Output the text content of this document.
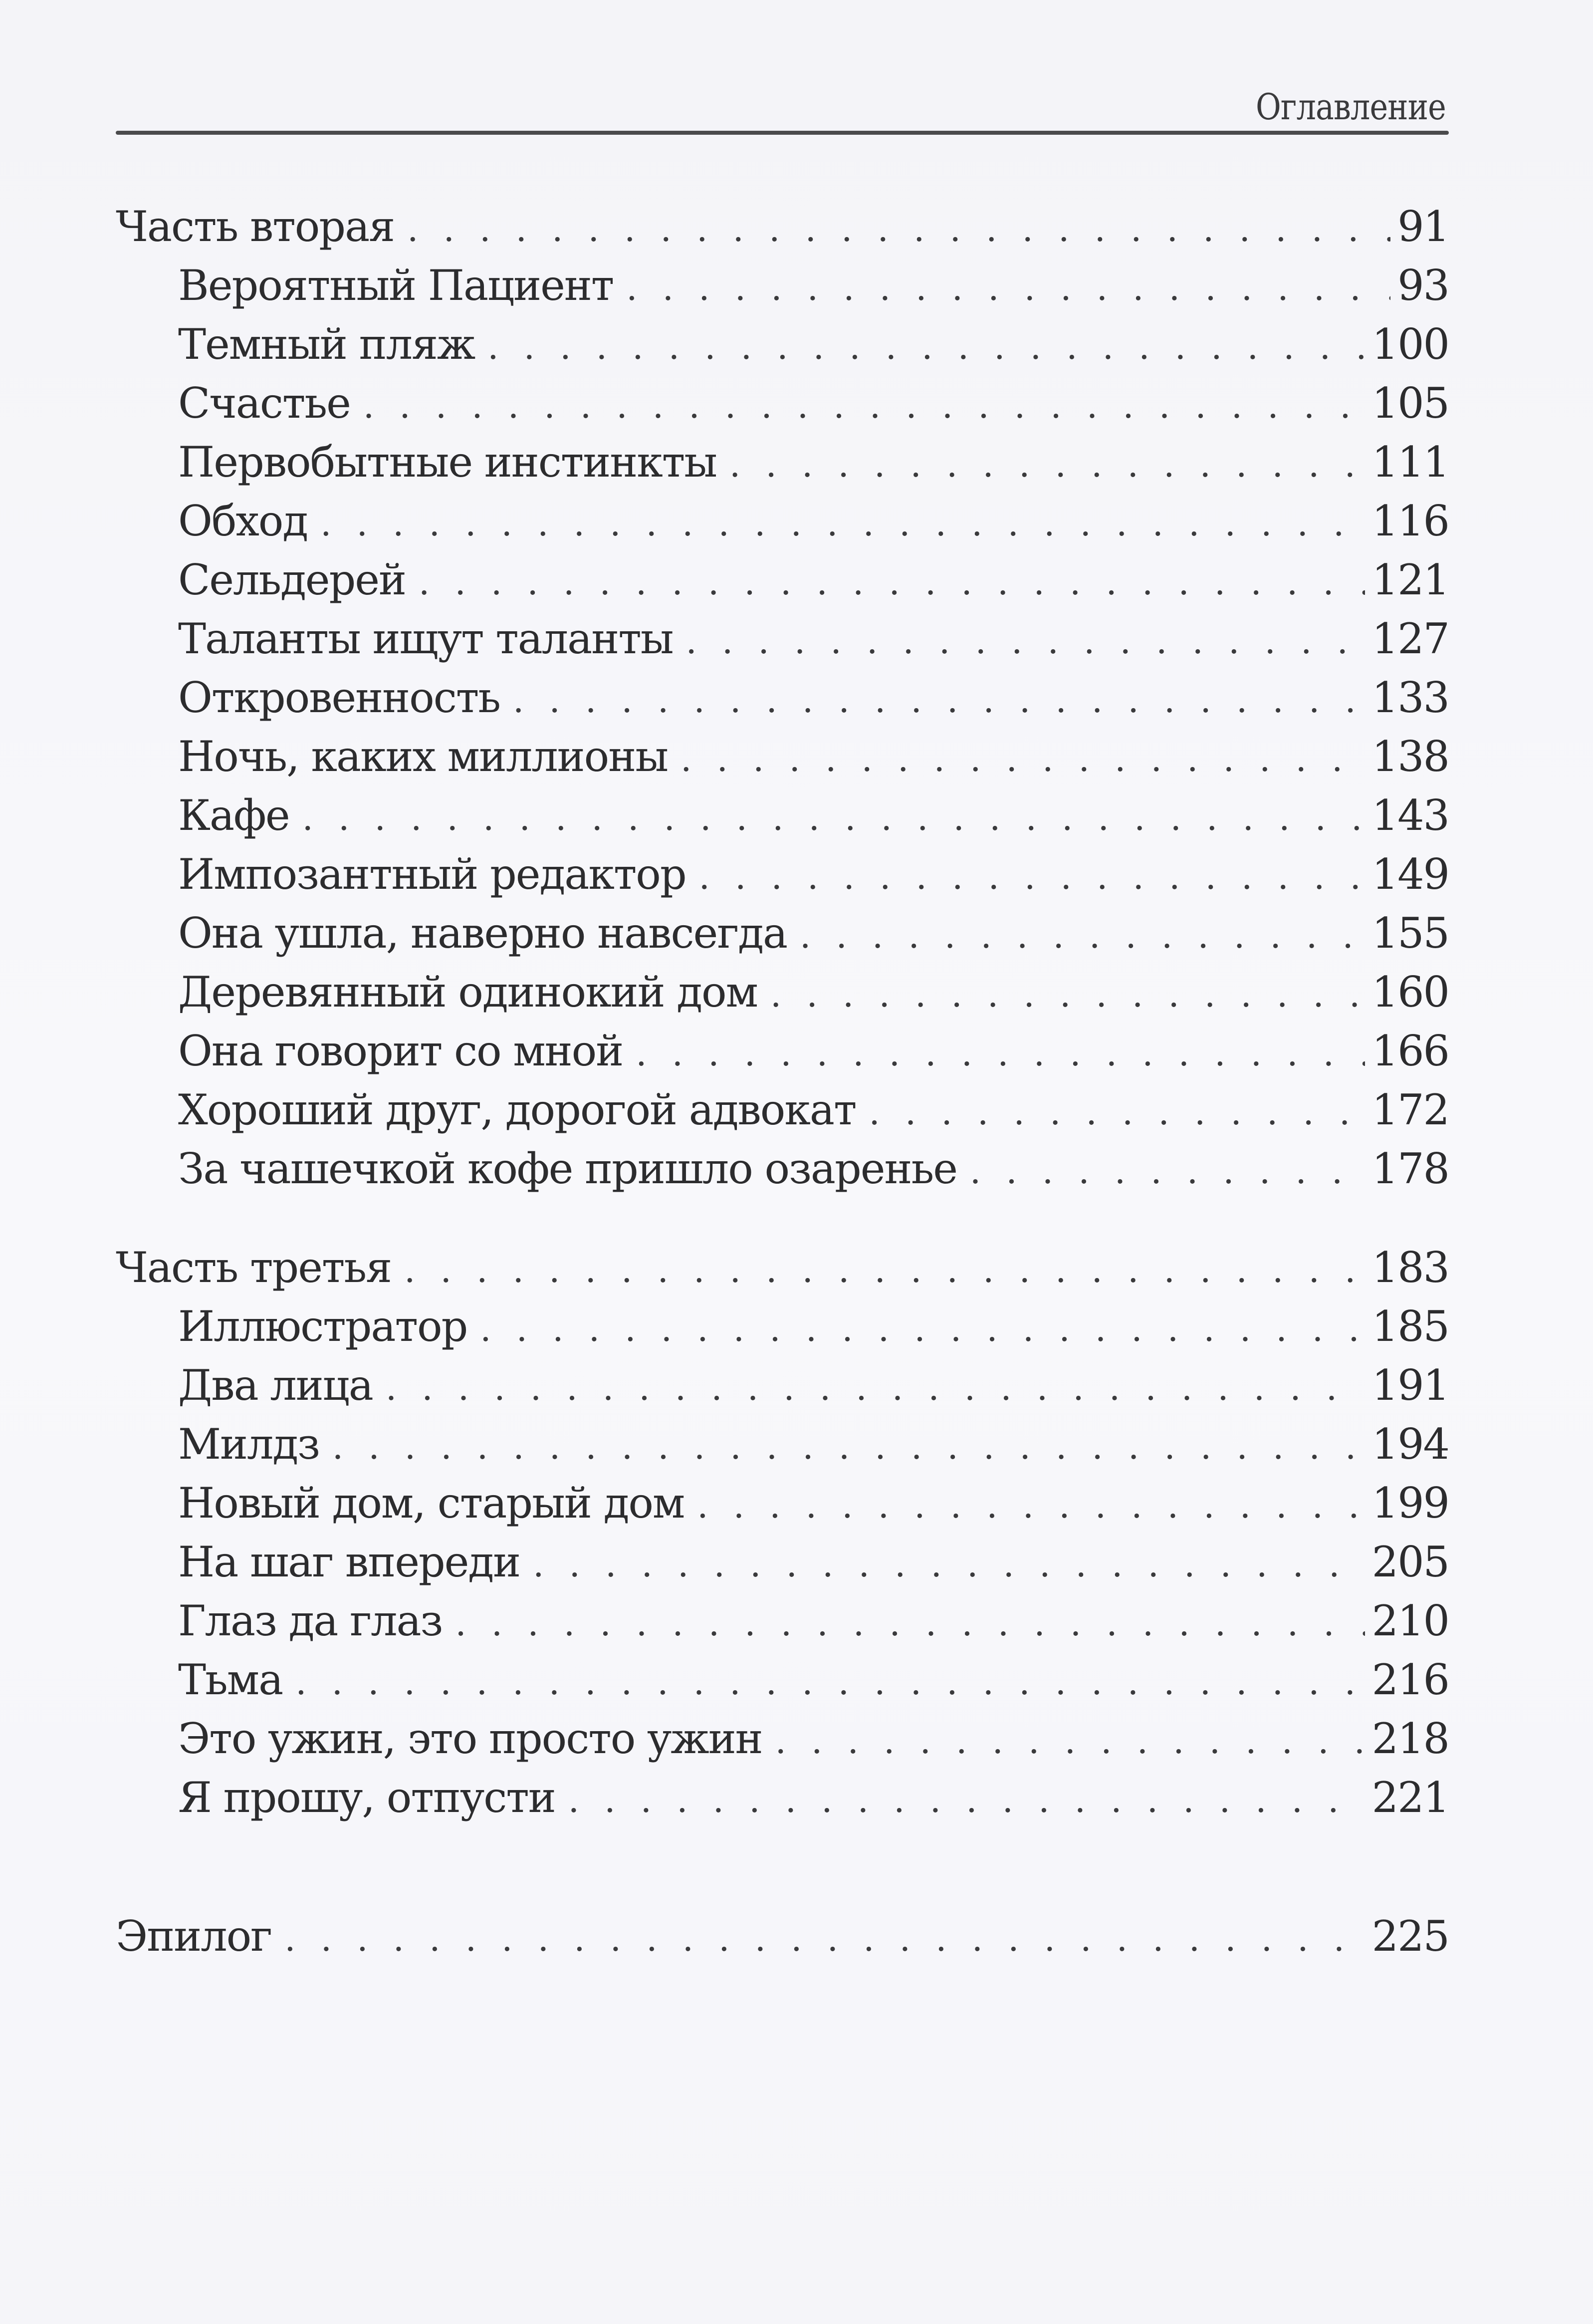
Оглавление
Часть вторая . . .	91
Вероятный Пациент . . .	93
Темный пляж . . .	100
Счастье . . .	105
Первобытные инстинкты . . .	111
Обход . . .	116
Сельдерей . . .	121
Таланты ищут таланты . . .	127
Откровенность . . .	133
Ночь, каких миллионы . . .	138
Кафе . . .	143
Импозантный редактор . . .	149
Она ушла, наверно навсегда . . .	155
Деревянный одинокий дом . . .	160
Она говорит со мной . . .	166
Хороший друг, дорогой адвокат . . .	172
За чашечкой кофе пришло озаренье . . .	178
Часть третья . . .	183
Иллюстратор . . .	185
Два лица . . .	191
Милдз . . .	194
Новый дом, старый дом . . .	199
На шаг впереди . . .	205
Глаз да глаз . . .	210
Тьма . . .	216
Это ужин, это просто ужин . . .	218
Я прошу, отпусти . . .	221
Эпилог . . .	225
